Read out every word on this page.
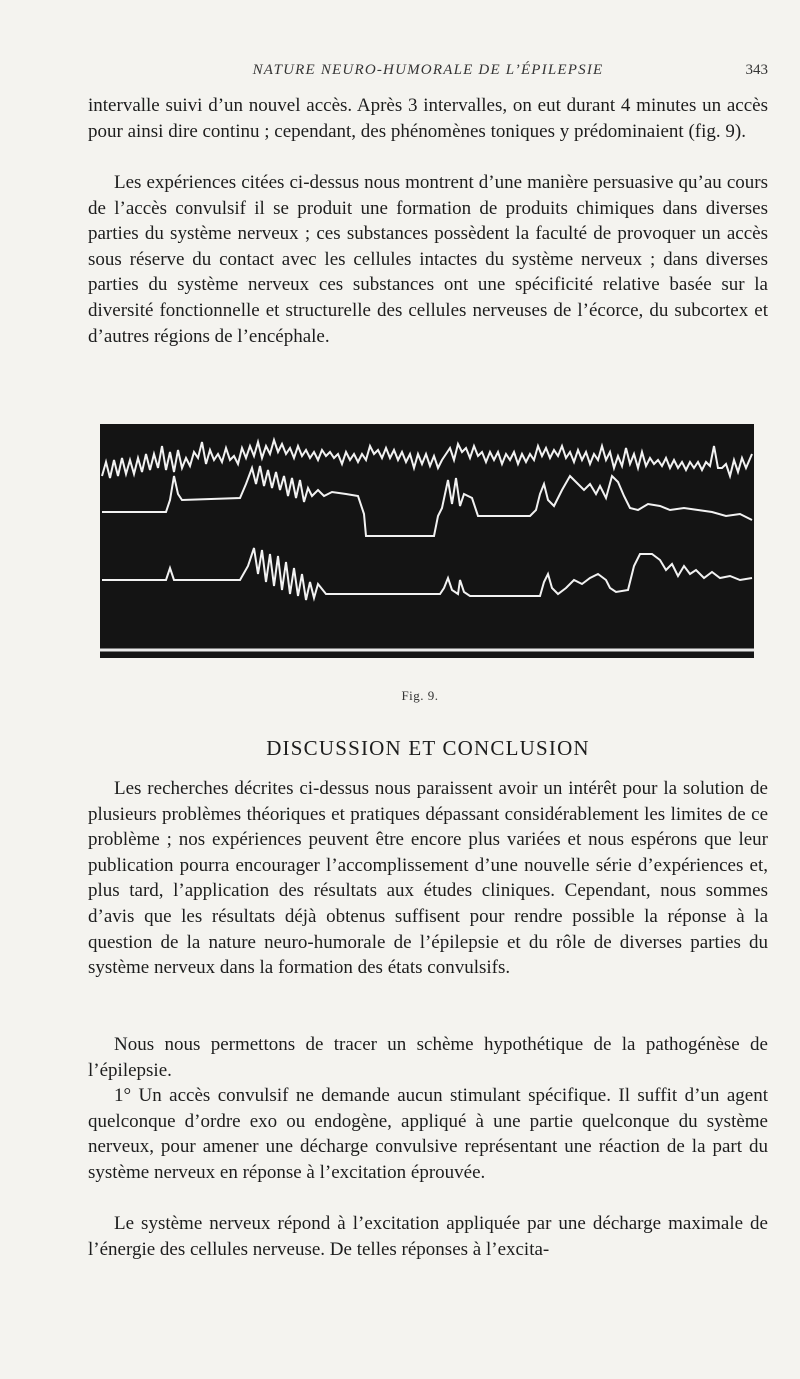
NATURE NEURO-HUMORALE DE L’ÉPILEPSIE	343

intervalle suivi d’un nouvel accès. Après 3 intervalles, on eut durant 4 minutes un accès pour ainsi dire continu ; cependant, des phénomènes toniques y prédominaient (fig. 9).

Les expériences citées ci-dessus nous montrent d’une manière persuasive qu’au cours de l’accès convulsif il se produit une formation de produits chimiques dans diverses parties du système nerveux ; ces substances possèdent la faculté de provoquer un accès sous réserve du contact avec les cellules intactes du système nerveux ; dans diverses parties du système nerveux ces substances ont une spécificité relative basée sur la diversité fonctionnelle et structurelle des cellules nerveuses de l’écorce, du subcortex et d’autres régions de l’encéphale.

Fig. 9.
DISCUSSION ET CONCLUSION

Les recherches décrites ci-dessus nous paraissent avoir un intérêt pour la solution de plusieurs problèmes théoriques et pratiques dépassant considérablement les limites de ce problème ; nos expériences peuvent être encore plus variées et nous espérons que leur publication pourra encourager l’accomplissement d’une nouvelle série d’expériences et, plus tard, l’application des résultats aux études cliniques. Cependant, nous sommes d’avis que les résultats déjà obtenus suffisent pour rendre possible la réponse à la question de la nature neuro-humorale de l’épilepsie et du rôle de diverses parties du système nerveux dans la formation des états convulsifs.

Nous nous permettons de tracer un schème hypothétique de la pathogénèse de l’épilepsie.

1° Un accès convulsif ne demande aucun stimulant spécifique. Il suffit d’un agent quelconque d’ordre exo ou endogène, appliqué à une partie quelconque du système nerveux, pour amener une décharge convulsive représentant une réaction de la part du système nerveux en réponse à l’excitation éprouvée.

Le système nerveux répond à l’excitation appliquée par une décharge maximale de l’énergie des cellules nerveuse. De telles réponses à l’excita-
